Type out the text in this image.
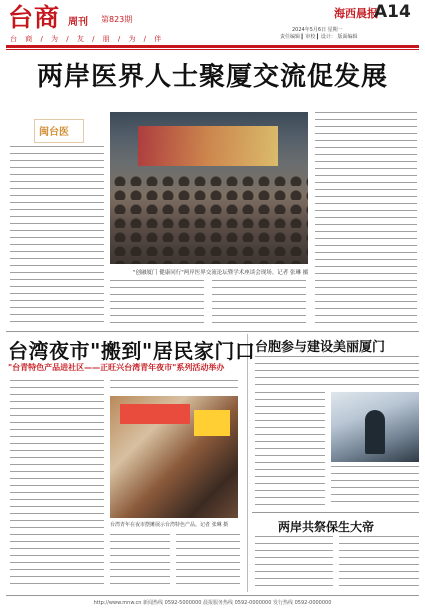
台商 周刊 第823期
台 商 / 为 / 友 / 朋 / 为 / 伴
海西晨报
A14
2024年5月6日 星期一
责任编辑 ▎审校 ▎设计： 版面编辑
两岸医界人士聚厦交流促发展
闽台医
"创融厦门 健康同行"两岸医界交流论坛暨学术座谈会现场。记者 张琳 摄
台湾夜市"搬到"居民家门口
"台青特色产品进社区——正旺兴台湾青年夜市"系列活动举办
台湾青年在夜市摆摊展示台湾特色产品。记者 张琳 摄
台胞参与建设美丽厦门
两岸共祭保生大帝
http://www.mnw.cn 新闻热线 0592-5000000 晨报服务热线 0592-0000000 发行热线 0592-0000000
